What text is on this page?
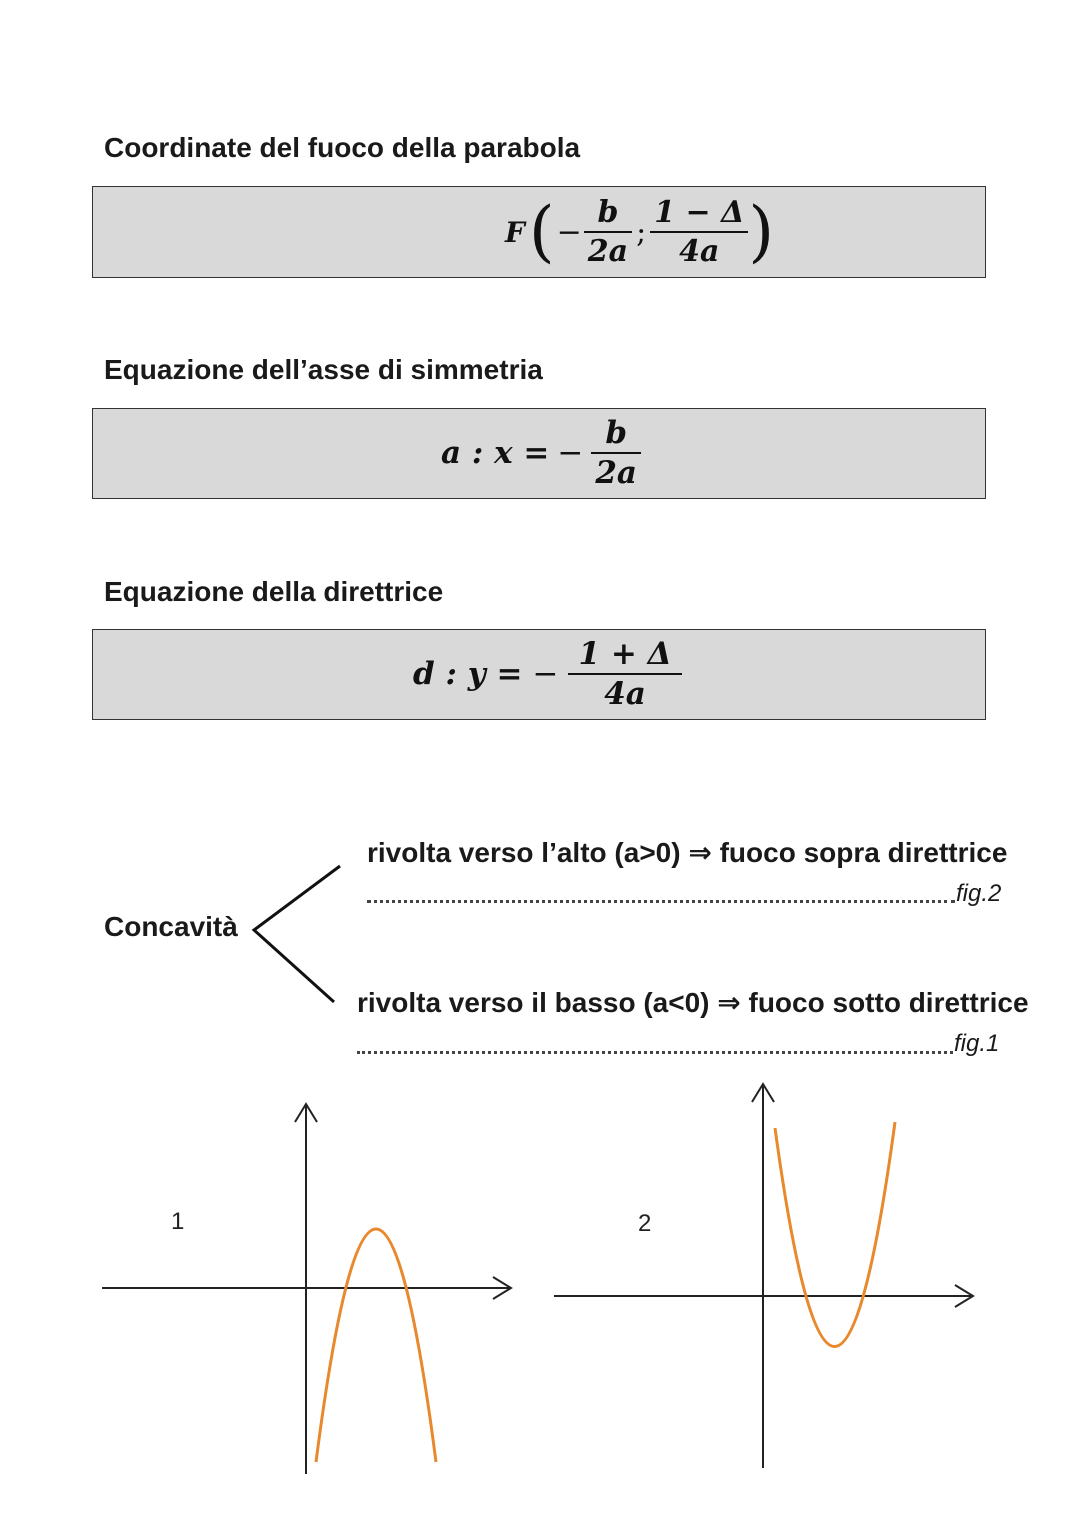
Coordinate del fuoco della parabola
F ( − $\frac{b}{2a}$ ; $\frac{1 - \Delta}{4a}$ )
Equazione dell’asse di simmetria
a : x = − $\frac{b}{2a}$
Equazione della direttrice
d : y = − $\frac{1 + \Delta}{4a}$
Concavità
rivolta verso l’alto (a>0) ⇒ fuoco sopra direttrice
fig.2
rivolta verso il basso (a<0) ⇒ fuoco sotto direttrice
fig.1
1	2
